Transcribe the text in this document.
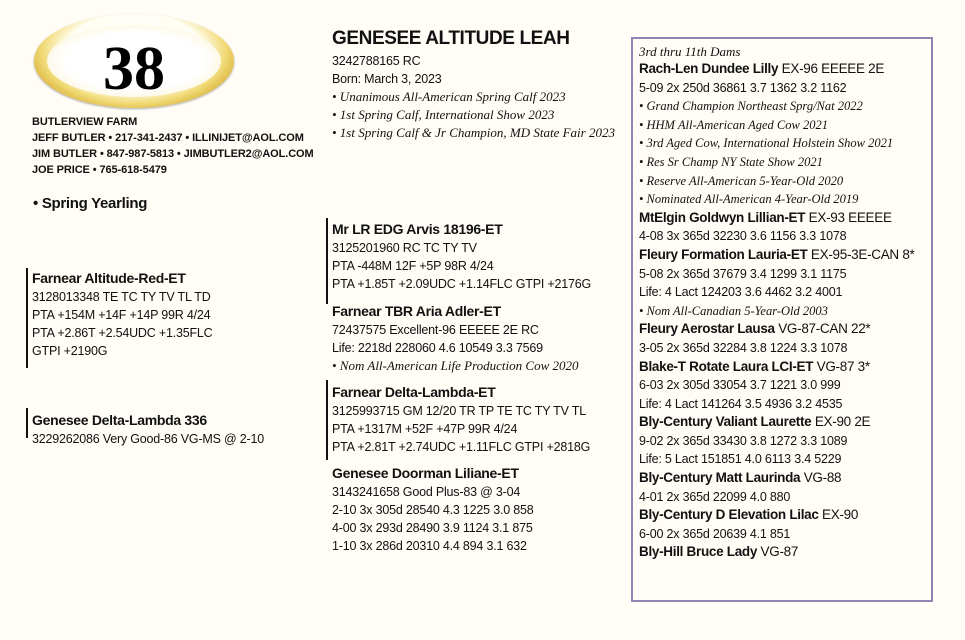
38
BUTLERVIEW FARM
JEFF BUTLER • 217-341-2437 • ILLINIJET@AOL.COM
JIM BUTLER • 847-987-5813 • JIMBUTLER2@AOL.COM
JOE PRICE • 765-618-5479
• Spring Yearling
GENESEE ALTITUDE LEAH
3242788165 RC
Born: March 3, 2023
• Unanimous All-American Spring Calf 2023
• 1st Spring Calf, International Show 2023
• 1st Spring Calf & Jr Champion, MD State Fair 2023
Farnear Altitude-Red-ET
3128013348 TE TC TY TV TL TD
PTA +154M +14F +14P 99R 4/24
PTA +2.86T +2.54UDC +1.35FLC
GTPI +2190G
Genesee Delta-Lambda 336
3229262086 Very Good-86 VG-MS @ 2-10
Mr LR EDG Arvis 18196-ET
3125201960 RC TC TY TV
PTA -448M 12F +5P 98R 4/24
PTA +1.85T +2.09UDC +1.14FLC GTPI +2176G
Farnear TBR Aria Adler-ET
72437575 Excellent-96 EEEEE 2E RC
Life: 2218d 228060 4.6 10549 3.3 7569
• Nom All-American Life Production Cow 2020
Farnear Delta-Lambda-ET
3125993715 GM 12/20 TR TP TE TC TY TV TL
PTA +1317M +52F +47P 99R 4/24
PTA +2.81T +2.74UDC +1.11FLC GTPI +2818G
Genesee Doorman Liliane-ET
3143241658 Good Plus-83 @ 3-04
2-10 3x 305d 28540 4.3 1225 3.0 858
4-00 3x 293d 28490 3.9 1124 3.1 875
1-10 3x 286d 20310 4.4 894 3.1 632
3rd thru 11th Dams
Rach-Len Dundee Lilly EX-96 EEEEE 2E
5-09 2x 250d 36861 3.7 1362 3.2 1162
• Grand Champion Northeast Sprg/Nat 2022
• HHM All-American Aged Cow 2021
• 3rd Aged Cow, International Holstein Show 2021
• Res Sr Champ NY State Show 2021
• Reserve All-American 5-Year-Old 2020
• Nominated All-American 4-Year-Old 2019
MtElgin Goldwyn Lillian-ET EX-93 EEEEE
4-08 3x 365d 32230 3.6 1156 3.3 1078
Fleury Formation Lauria-ET EX-95-3E-CAN 8*
5-08 2x 365d 37679 3.4 1299 3.1 1175
Life: 4 Lact 124203 3.6 4462 3.2 4001
• Nom All-Canadian 5-Year-Old 2003
Fleury Aerostar Lausa VG-87-CAN 22*
3-05 2x 365d 32284 3.8 1224 3.3 1078
Blake-T Rotate Laura LCI-ET VG-87 3*
6-03 2x 305d 33054 3.7 1221 3.0 999
Life: 4 Lact 141264 3.5 4936 3.2 4535
Bly-Century Valiant Laurette EX-90 2E
9-02 2x 365d 33430 3.8 1272 3.3 1089
Life: 5 Lact 151851 4.0 6113 3.4 5229
Bly-Century Matt Laurinda VG-88
4-01 2x 365d 22099 4.0 880
Bly-Century D Elevation Lilac EX-90
6-00 2x 365d 20639 4.1 851
Bly-Hill Bruce Lady VG-87
